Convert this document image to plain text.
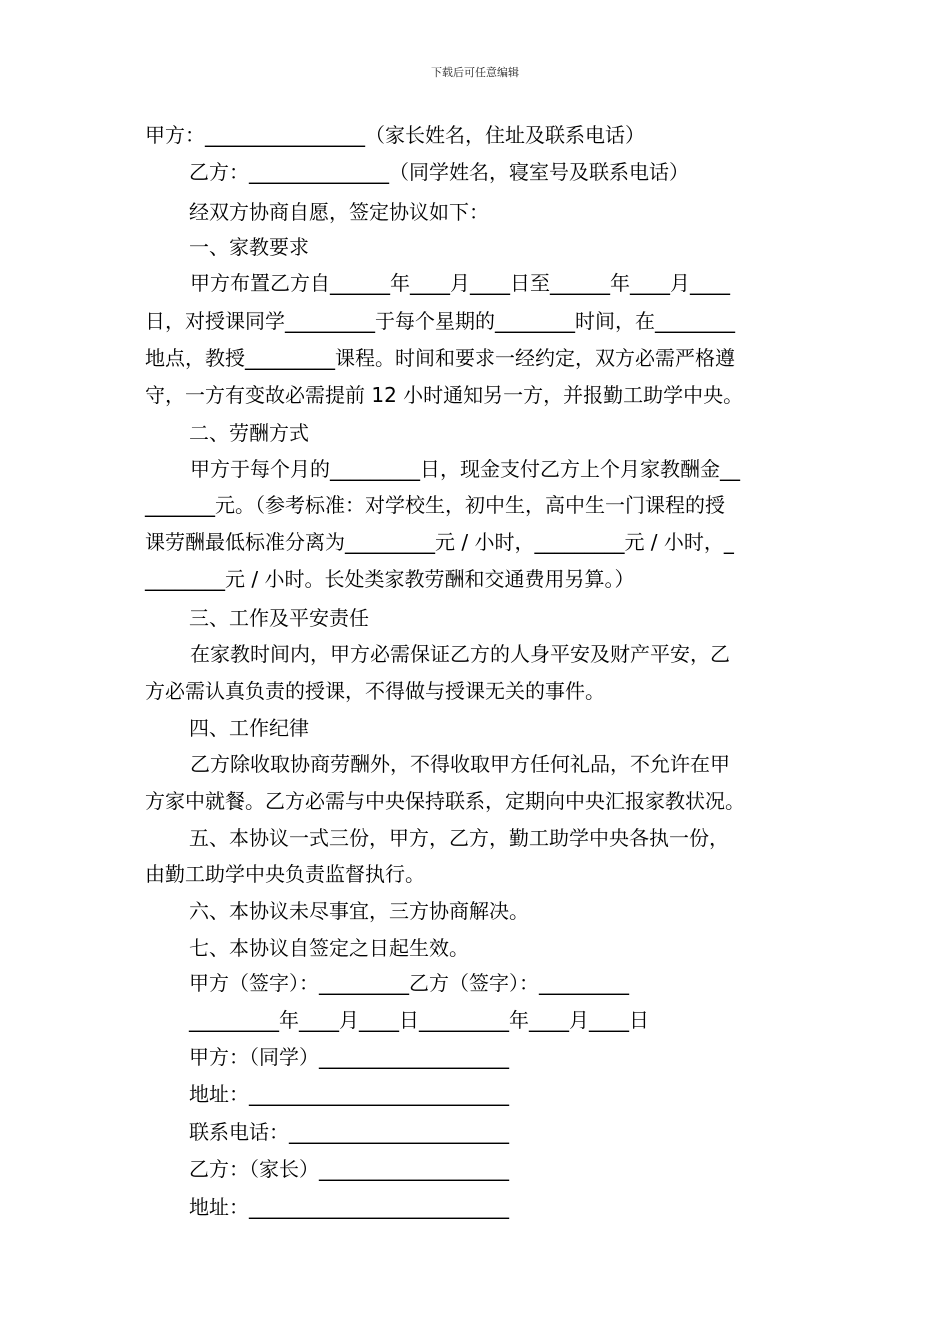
下载后可任意编辑
甲方：________________（家长姓名，住址及联系电话）
乙方：______________（同学姓名，寝室号及联系电话）
经双方协商自愿，签定协议如下：
一、家教要求
甲方布置乙方自______年____月____日至______年____月____
日，对授课同学_________于每个星期的________时间，在________
地点，教授_________课程。时间和要求一经约定，双方必需严格遵
守，一方有变故必需提前 12 小时通知另一方，并报勤工助学中央。
二、劳酬方式
甲方于每个月的_________日，现金支付乙方上个月家教酬金__
_______元。（参考标准：对学校生，初中生，高中生一门课程的授
课劳酬最低标准分离为_________元 / 小时，_________元 / 小时，_
________元 / 小时。长处类家教劳酬和交通费用另算。）
三、工作及平安责任
在家教时间内，甲方必需保证乙方的人身平安及财产平安，乙
方必需认真负责的授课，不得做与授课无关的事件。
四、工作纪律
乙方除收取协商劳酬外，不得收取甲方任何礼品，不允许在甲
方家中就餐。乙方必需与中央保持联系，定期向中央汇报家教状况。
五、本协议一式三份，甲方，乙方，勤工助学中央各执一份，
由勤工助学中央负责监督执行。
六、本协议未尽事宜，三方协商解决。
七、本协议自签定之日起生效。
甲方（签字）：_________乙方（签字）：_________
_________年____月____日_________年____月____日
甲方：（同学）___________________
地址：__________________________
联系电话：______________________
乙方：（家长）___________________
地址：__________________________
